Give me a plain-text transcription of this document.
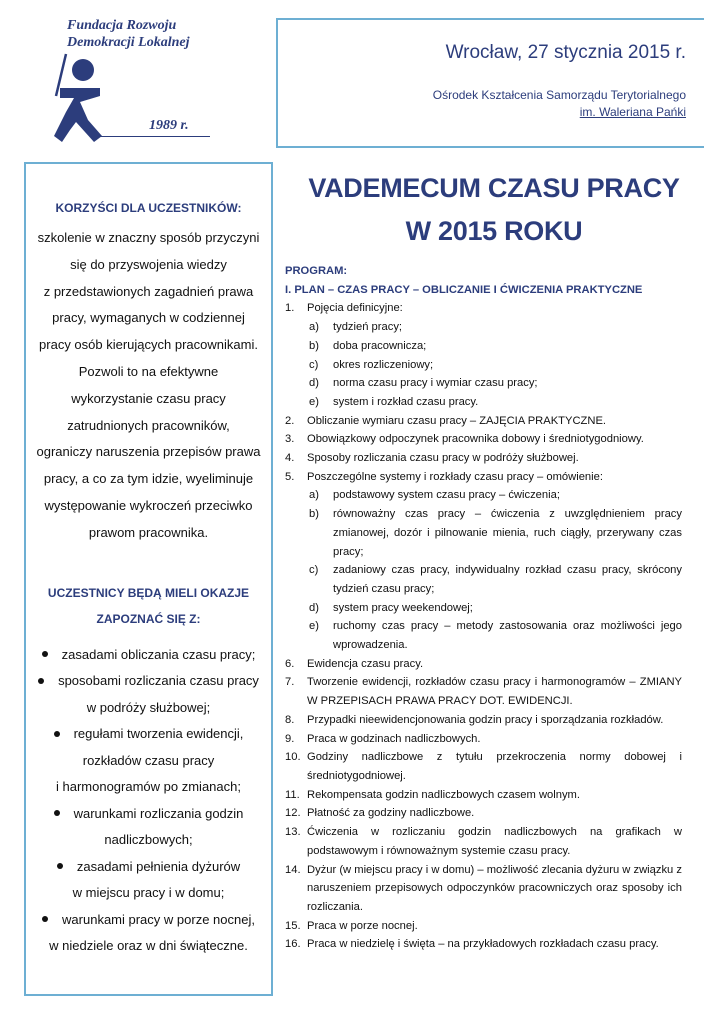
Fundacja Rozwoju
Demokracji Lokalnej
1989 r.
Wrocław, 27 stycznia 2015 r.
Ośrodek Kształcenia Samorządu Terytorialnego
im. Waleriana Pańki
KORZYŚCI DLA UCZESTNIKÓW:
szkolenie w znaczny sposób przyczyni
się do przyswojenia wiedzy
z przedstawionych zagadnień prawa
pracy, wymaganych w codziennej
pracy osób kierujących pracownikami.
Pozwoli to na efektywne
wykorzystanie czasu pracy
zatrudnionych pracowników,
ograniczy naruszenia przepisów prawa
pracy, a co za tym idzie, wyeliminuje
występowanie wykroczeń przeciwko
prawom pracownika.
UCZESTNICY BĘDĄ MIELI OKAZJE
ZAPOZNAĆ SIĘ Z:
zasadami obliczania czasu pracy;
sposobami rozliczania czasu pracy
w podróży służbowej;
regułami tworzenia ewidencji,
rozkładów czasu pracy
i harmonogramów po zmianach;
warunkami rozliczania godzin
nadliczbowych;
zasadami pełnienia dyżurów
w miejscu pracy i w domu;
warunkami pracy w porze nocnej,
w niedziele oraz w dni świąteczne.
VADEMECUM CZASU PRACY
W 2015 ROKU
PROGRAM:
I. PLAN – CZAS PRACY – OBLICZANIE I ĆWICZENIA PRAKTYCZNE
1. Pojęcia definicyjne:
a) tydzień pracy;
b) doba pracownicza;
c) okres rozliczeniowy;
d) norma czasu pracy i wymiar czasu pracy;
e) system i rozkład czasu pracy.
2. Obliczanie wymiaru czasu pracy – ZAJĘCIA PRAKTYCZNE.
3. Obowiązkowy odpoczynek pracownika dobowy i średniotygodniowy.
4. Sposoby rozliczania czasu pracy w podróży służbowej.
5. Poszczególne systemy i rozkłady czasu pracy – omówienie:
a) podstawowy system czasu pracy – ćwiczenia;
b) równoważny czas pracy – ćwiczenia z uwzględnieniem pracy zmianowej, dozór i pilnowanie mienia, ruch ciągły, przerywany czas pracy;
c) zadaniowy czas pracy, indywidualny rozkład czasu pracy, skrócony tydzień czasu pracy;
d) system pracy weekendowej;
e) ruchomy czas pracy – metody zastosowania oraz możliwości jego wprowadzenia.
6. Ewidencja czasu pracy.
7. Tworzenie ewidencji, rozkładów czasu pracy i harmonogramów – ZMIANY W PRZEPISACH PRAWA PRACY DOT. EWIDENCJI.
8. Przypadki nieewidencjonowania godzin pracy i sporządzania rozkładów.
9. Praca w godzinach nadliczbowych.
10. Godziny nadliczbowe z tytułu przekroczenia normy dobowej i średniotygodniowej.
11. Rekompensata godzin nadliczbowych czasem wolnym.
12. Płatność za godziny nadliczbowe.
13. Ćwiczenia w rozliczaniu godzin nadliczbowych na grafikach w podstawowym i równoważnym systemie czasu pracy.
14. Dyżur (w miejscu pracy i w domu) – możliwość zlecania dyżuru w związku z naruszeniem przepisowych odpoczynków pracowniczych oraz sposoby ich rozliczania.
15. Praca w porze nocnej.
16. Praca w niedzielę i święta – na przykładowych rozkładach czasu pracy.
